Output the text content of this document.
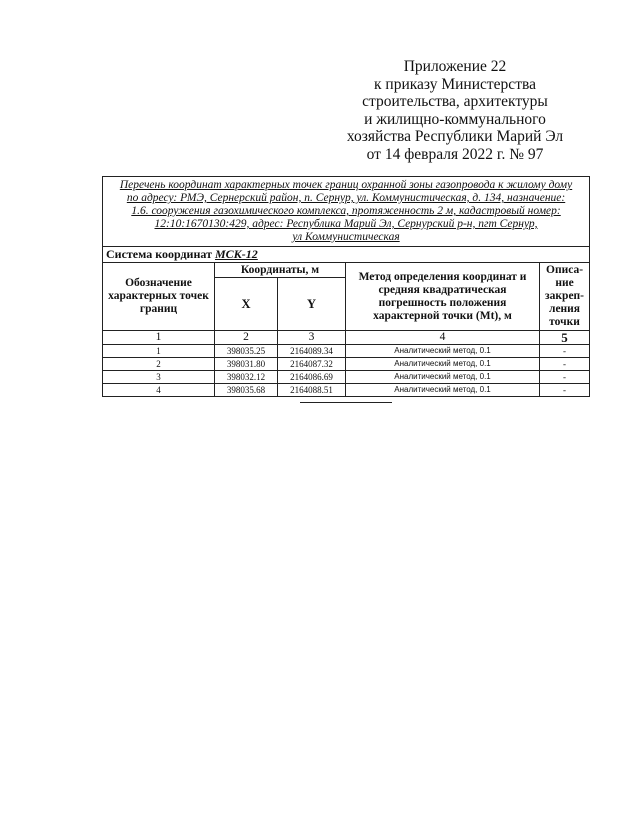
Приложение 22
к приказу Министерства
строительства, архитектуры
и жилищно-коммунального
хозяйства Республики Марий Эл
от 14 февраля 2022 г. № 97
Перечень координат характерных точек границ охранной зоны газопровода к жилому дому
по адресу: РМЭ, Сернерский район, п. Сернур, ул. Коммунистическая, д. 134, назначение:
1.6. сооружения газохимического комплекса, протяженность 2 м, кадастровый номер:
12:10:1670130:429, адрес: Республика Марий Эл, Сернурский р-н, пгт Сернур,
ул Коммунистическая				

Система координат МСК-12				
Обозначение характерных точек границ	Координаты, м		Метод определения координат и средняя квадратическая погрешность положения характерной точки (Mt), м	Описа-ние закреп-ления точки
	X	Y		
1	2	3	4	5
1	398035.25	2164089.34	Аналитический метод, 0.1	-
2	398031.80	2164087.32	Аналитический метод, 0.1	-
3	398032.12	2164086.69	Аналитический метод, 0.1	-
4	398035.68	2164088.51	Аналитический метод, 0.1	-
